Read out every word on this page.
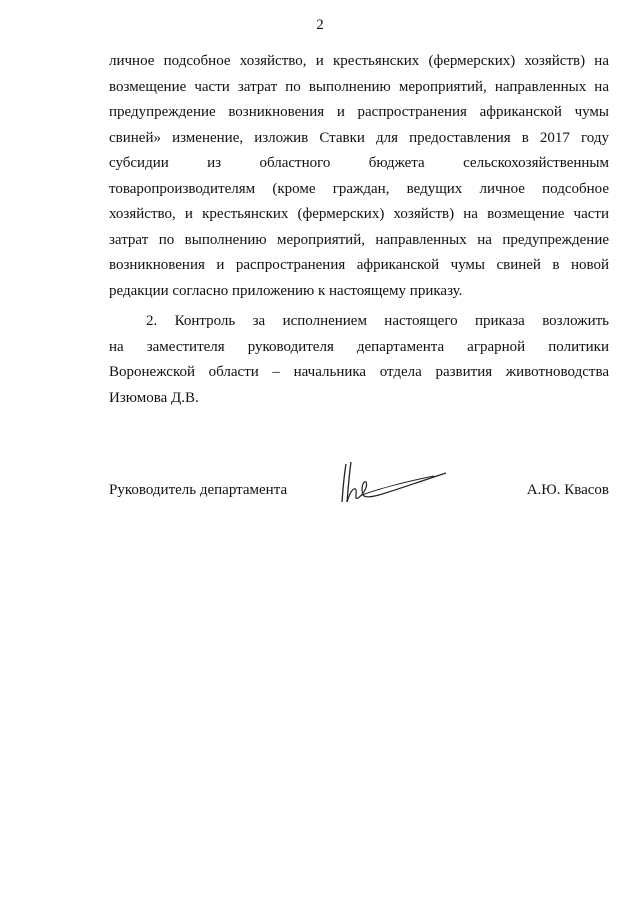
2
личное подсобное хозяйство, и крестьянских (фермерских) хозяйств) на
возмещение части затрат по выполнению мероприятий, направленных на
предупреждение возникновения и распространения африканской чумы
свиней» изменение, изложив Ставки для предоставления в 2017 году
субсидии из областного бюджета сельскохозяйственным
товаропроизводителям (кроме граждан, ведущих личное подсобное
хозяйство, и крестьянских (фермерских) хозяйств) на возмещение части
затрат по выполнению мероприятий, направленных на предупреждение
возникновения и распространения африканской чумы свиней в новой
редакции согласно приложению к настоящему приказу.
2. Контроль за исполнением настоящего приказа возложить
на заместителя руководителя департамента аграрной политики
Воронежской области – начальника отдела развития животноводства
Изюмова Д.В.
Руководитель департамента	А.Ю. Квасов
